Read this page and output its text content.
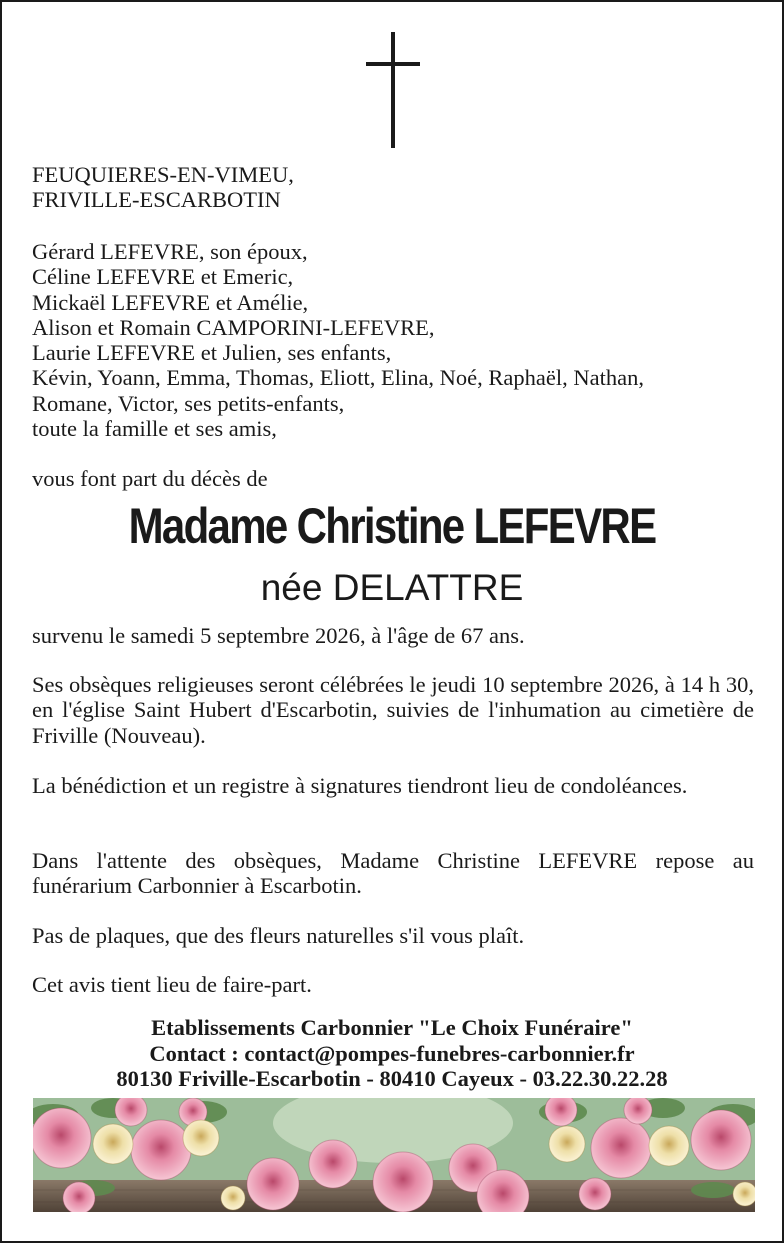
FEUQUIERES-EN-VIMEU,

FRIVILLE-ESCARBOTIN

Gérard LEFEVRE, son époux,

Céline LEFEVRE et Emeric,

Mickaël LEFEVRE et Amélie,

Alison et Romain CAMPORINI-LEFEVRE,

Laurie LEFEVRE et Julien, ses enfants,

Kévin, Yoann, Emma, Thomas, Eliott, Elina, Noé, Raphaël, Nathan,

Romane, Victor, ses petits-enfants,

toute la famille et ses amis,

vous font part du décès de
Madame Christine LEFEVRE
née DELATTRE
survenu le samedi 5 septembre 2026, à l'âge de 67 ans.
Ses obsèques religieuses seront célébrées le jeudi 10 septembre 2026, à 14 h 30, en l'église Saint Hubert d'Escarbotin, suivies de l'inhumation au cimetière de Friville (Nouveau).
La bénédiction et un registre à signatures tiendront lieu de condoléances.
Dans l'attente des obsèques, Madame Christine LEFEVRE repose au funérarium Carbonnier à Escarbotin.
Pas de plaques, que des fleurs naturelles s'il vous plaît.
Cet avis tient lieu de faire-part.
Etablissements Carbonnier "Le Choix Funéraire"
Contact : contact@pompes-funebres-carbonnier.fr
80130 Friville-Escarbotin - 80410 Cayeux - 03.22.30.22.28
